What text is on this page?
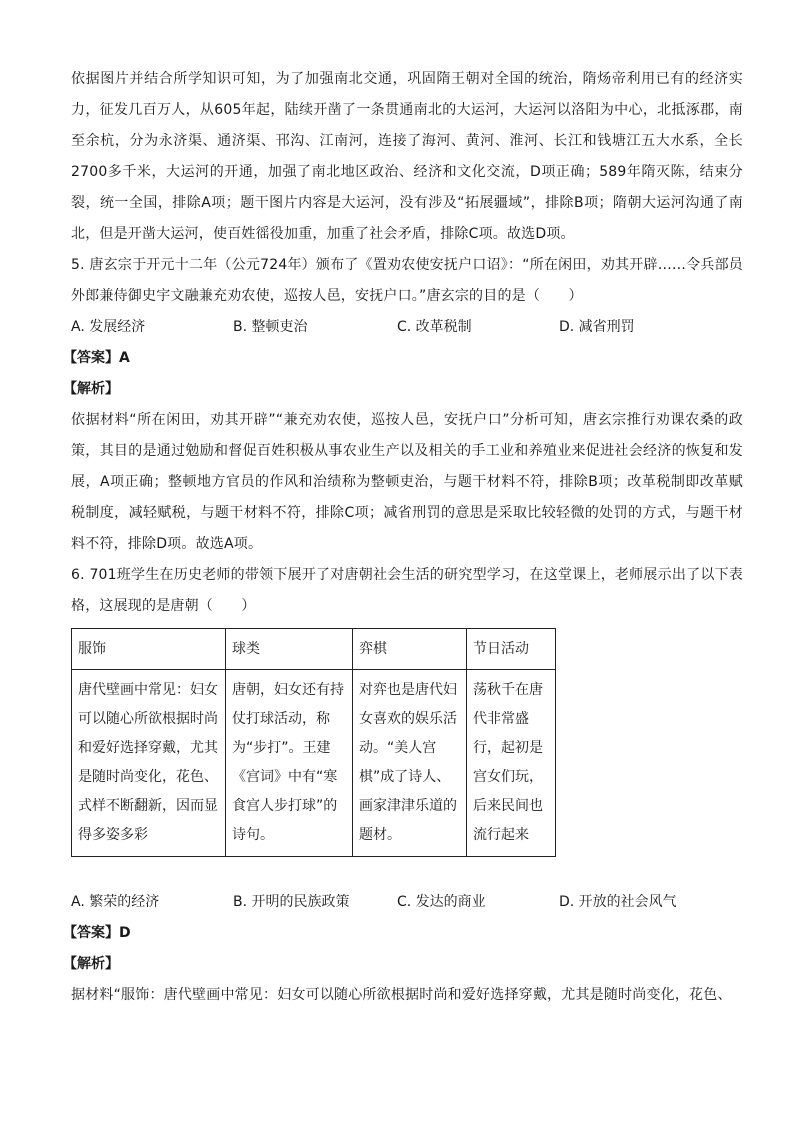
依据图片并结合所学知识可知，为了加强南北交通，巩固隋王朝对全国的统治，隋炀帝利用已有的经济实力，征发几百万人，从605年起，陆续开凿了一条贯通南北的大运河，大运河以洛阳为中心，北抵涿郡，南至余杭，分为永济渠、通济渠、邗沟、江南河，连接了海河、黄河、淮河、长江和钱塘江五大水系，全长2700多千米，大运河的开通，加强了南北地区政治、经济和文化交流，D项正确；589年隋灭陈，结束分裂，统一全国，排除A项；题干图片内容是大运河，没有涉及“拓展疆域”，排除B项；隋朝大运河沟通了南北，但是开凿大运河，使百姓徭役加重，加重了社会矛盾，排除C项。故选D项。

5. 唐玄宗于开元十二年（公元724年）颁布了《置劝农使安抚户口诏》：“所在闲田，劝其开辟……令兵部员外郎兼侍御史宇文融兼充劝农使，巡按人邑，安抚户口。”唐玄宗的目的是（　　）

A. 发展经济	B. 整顿吏治	C. 改革税制	D. 减省刑罚

【答案】A

【解析】

依据材料“所在闲田，劝其开辟”“兼充劝农使，巡按人邑，安抚户口”分析可知，唐玄宗推行劝课农桑的政策，其目的是通过勉励和督促百姓积极从事农业生产以及相关的手工业和养殖业来促进社会经济的恢复和发展，A项正确；整顿地方官员的作风和治绩称为整顿吏治，与题干材料不符，排除B项；改革税制即改革赋税制度，减轻赋税，与题干材料不符，排除C项；减省刑罚的意思是采取比较轻微的处罚的方式，与题干材料不符，排除D项。故选A项。

6. 701班学生在历史老师的带领下展开了对唐朝社会生活的研究型学习，在这堂课上，老师展示出了以下表格，这展现的是唐朝（　　）

服饰	球类	弈棋	节日活动
唐代壁画中常见：妇女可以随心所欲根据时尚和爱好选择穿戴，尤其是随时尚变化，花色、式样不断翻新，因而显得多姿多彩	唐朝，妇女还有持仗打球活动，称为“步打”。王建《宫词》中有“寒食宫人步打球”的诗句。	对弈也是唐代妇女喜欢的娱乐活动。“美人宫棋”成了诗人、画家津津乐道的题材。	荡秋千在唐代非常盛行，起初是宫女们玩，后来民间也流行起来
A. 繁荣的经济	B. 开明的民族政策	C. 发达的商业	D. 开放的社会风气

【答案】D

【解析】

据材料“服饰：唐代壁画中常见：妇女可以随心所欲根据时尚和爱好选择穿戴，尤其是随时尚变化，花色、
